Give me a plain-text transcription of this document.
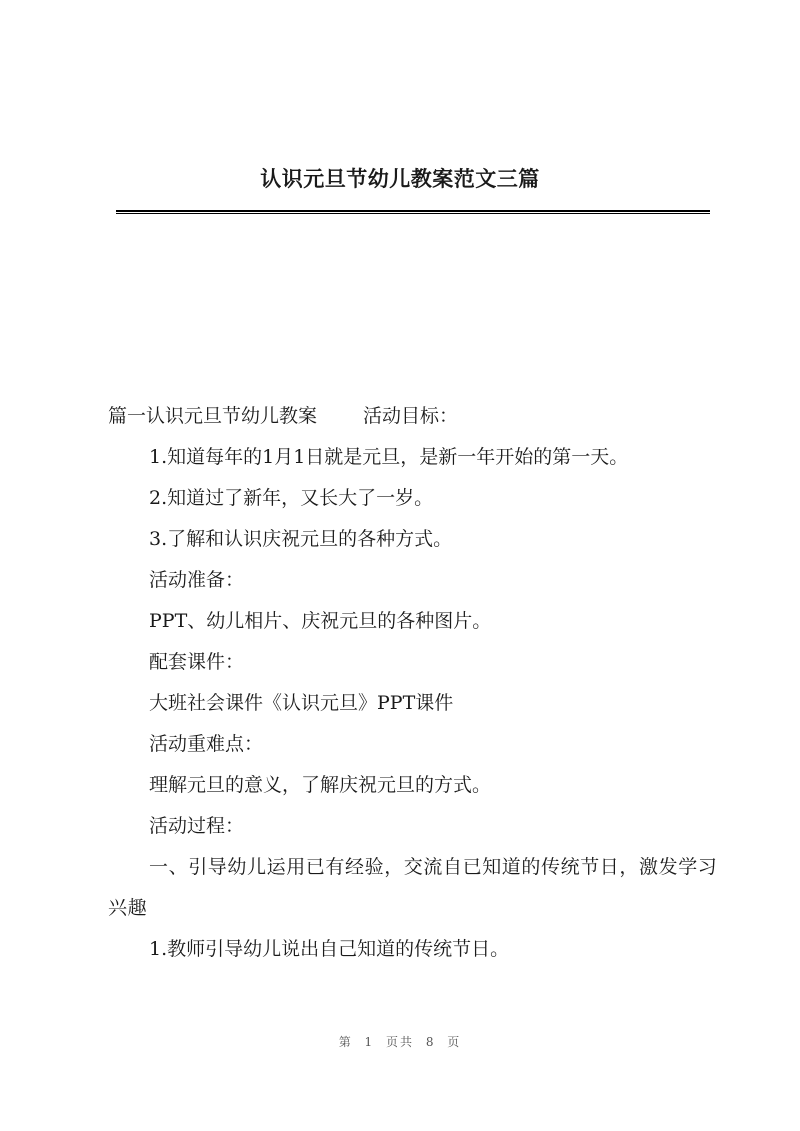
认识元旦节幼儿教案范文三篇

篇一认识元旦节幼儿教案 活动目标：

1.知道每年的1月1日就是元旦，是新一年开始的第一天。

2.知道过了新年，又长大了一岁。

3.了解和认识庆祝元旦的各种方式。

活动准备：

PPT、幼儿相片、庆祝元旦的各种图片。

配套课件：

大班社会课件《认识元旦》PPT课件

活动重难点：

理解元旦的意义，了解庆祝元旦的方式。

活动过程：

一、引导幼儿运用已有经验，交流自已知道的传统节日，激发学习兴趣

1.教师引导幼儿说出自己知道的传统节日。

第 1 页共 8 页
